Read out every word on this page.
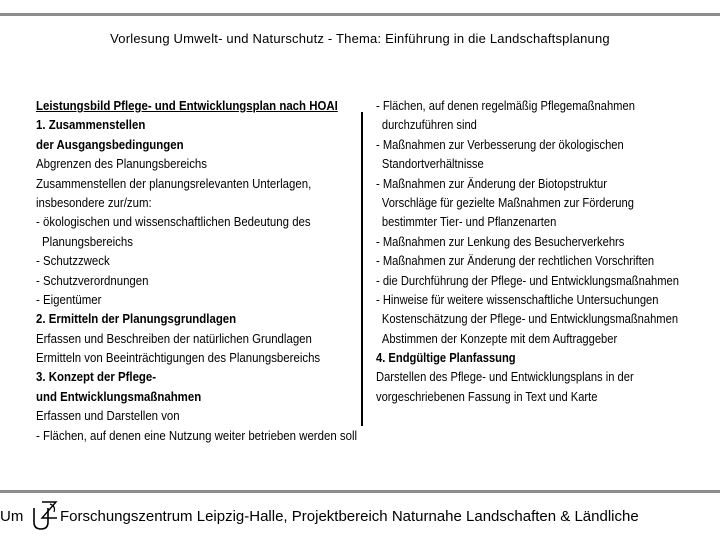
Vorlesung Umwelt- und Naturschutz - Thema: Einführung in die Landschaftsplanung
Leistungsbild Pflege- und Entwicklungsplan nach HOAI
1. Zusammenstellen
der Ausgangsbedingungen
Abgrenzen des Planungsbereichs
Zusammenstellen der planungsrelevanten Unterlagen,
insbesondere zur/zum:
- ökologischen und wissenschaftlichen Bedeutung des
Planungsbereichs
- Schutzzweck
- Schutzverordnungen
- Eigentümer
2. Ermitteln der Planungsgrundlagen
Erfassen und Beschreiben der natürlichen Grundlagen
Ermitteln von Beeinträchtigungen des Planungsbereichs
3. Konzept der Pflege-
und Entwicklungsmaßnahmen
Erfassen und Darstellen von
- Flächen, auf denen eine Nutzung weiter betrieben werden soll
- Flächen, auf denen regelmäßig Pflegemaßnahmen
durchzuführen sind
- Maßnahmen zur Verbesserung der ökologischen
Standortverhältnisse
- Maßnahmen zur Änderung der Biotopstruktur
Vorschläge für gezielte Maßnahmen zur Förderung
bestimmter Tier- und Pflanzenarten
- Maßnahmen zur Lenkung des Besucherverkehrs
- Maßnahmen zur Änderung der rechtlichen Vorschriften
- die Durchführung der Pflege- und Entwicklungsmaßnahmen
- Hinweise für weitere wissenschaftliche Untersuchungen
Kostenschätzung der Pflege- und Entwicklungsmaßnahmen
Abstimmen der Konzepte mit dem Auftraggeber
4. Endgültige Planfassung
Darstellen des Pflege- und Entwicklungsplans in der
vorgeschriebenen Fassung in Text und Karte
Um Forschungszentrum Leipzig-Halle, Projektbereich Naturnahe Landschaften & Ländliche
